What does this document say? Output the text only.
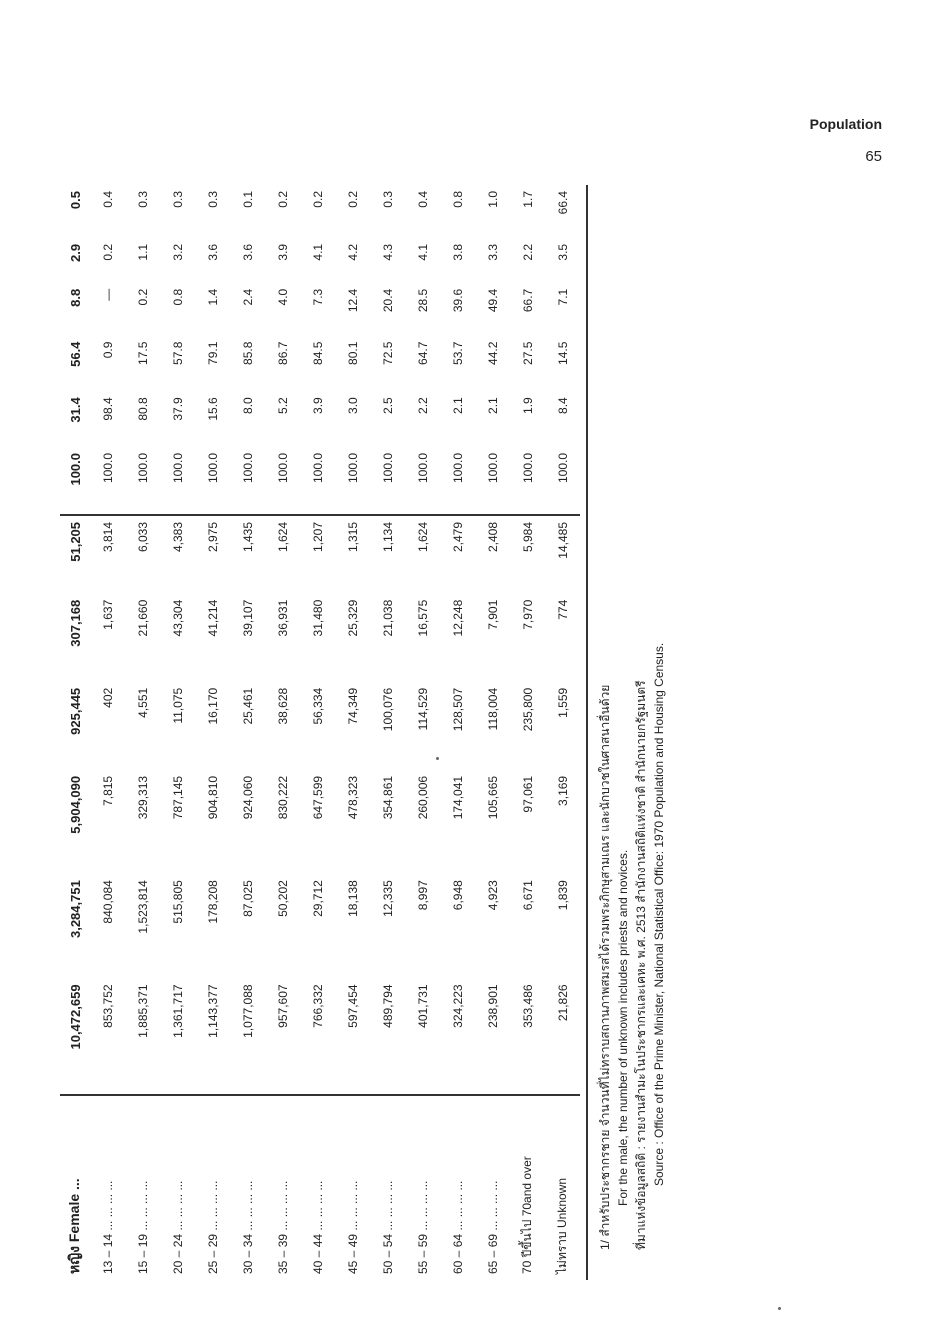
Population
65
หญิง Female ...	10,472,659	3,284,751	5,904,090	925,445	307,168	51,205	100.0	31.4	56.4	8.8	2.9	0.5
13 – 14 ... ... ... ...	853,752	840,084	7,815	402	1,637	3,814	100.0	98.4	0.9	—	0.2	0.4
15 – 19 ... ... ... ...	1,885,371	1,523,814	329,313	4,551	21,660	6,033	100.0	80.8	17.5	0.2	1.1	0.3
20 – 24 ... ... ... ...	1,361,717	515,805	787,145	11,075	43,304	4,383	100.0	37.9	57.8	0.8	3.2	0.3
25 – 29 ... ... ... ...	1,143,377	178,208	904,810	16,170	41,214	2,975	100.0	15.6	79.1	1.4	3.6	0.3
30 – 34 ... ... ... ...	1,077,088	87,025	924,060	25,461	39,107	1,435	100.0	8.0	85.8	2.4	3.6	0.1
35 – 39 ... ... ... ...	957,607	50,202	830,222	38,628	36,931	1,624	100.0	5.2	86.7	4.0	3.9	0.2
40 – 44 ... ... ... ...	766,332	29,712	647,599	56,334	31,480	1,207	100.0	3.9	84.5	7.3	4.1	0.2
45 – 49 ... ... ... ...	597,454	18,138	478,323	74,349	25,329	1,315	100.0	3.0	80.1	12.4	4.2	0.2
50 – 54 ... ... ... ...	489,794	12,335	354,861	100,076	21,038	1,134	100.0	2.5	72.5	20.4	4.3	0.3
55 – 59 ... ... ... ...	401,731	8,997	260,006	114,529	16,575	1,624	100.0	2.2	64.7	28.5	4.1	0.4
60 – 64 ... ... ... ...	324,223	6,948	174,041	128,507	12,248	2,479	100.0	2.1	53.7	39.6	3.8	0.8
65 – 69 ... ... ... ...	238,901	4,923	105,665	118,004	7,901	2,408	100.0	2.1	44.2	49.4	3.3	1.0
70 ปีขึ้นไป 70and over	353,486	6,671	97,061	235,800	7,970	5,984	100.0	1.9	27.5	66.7	2.2	1.7
ไม่ทราบ Unknown	21,826	1,839	3,169	1,559	774	14,485	100.0	8.4	14.5	7.1	3.5	66.4
1/ สำหรับประชากรชาย จำนวนที่ไม่ทราบสถานภาพสมรสได้รวมพระภิกษุสามเณร และนักบวชในศาสนาอื่นด้วย For the male, the number of unknown includes priests and novices. ที่มาแห่งข้อมูลสถิติ : รายงานสำมะโนประชากรและเคหะ พ.ศ. 2513 สำนักงานสถิติแห่งชาติ สำนักนายกรัฐมนตรี Source : Office of the Prime Minister, National Statistical Office: 1970 Population and Housing Census.
